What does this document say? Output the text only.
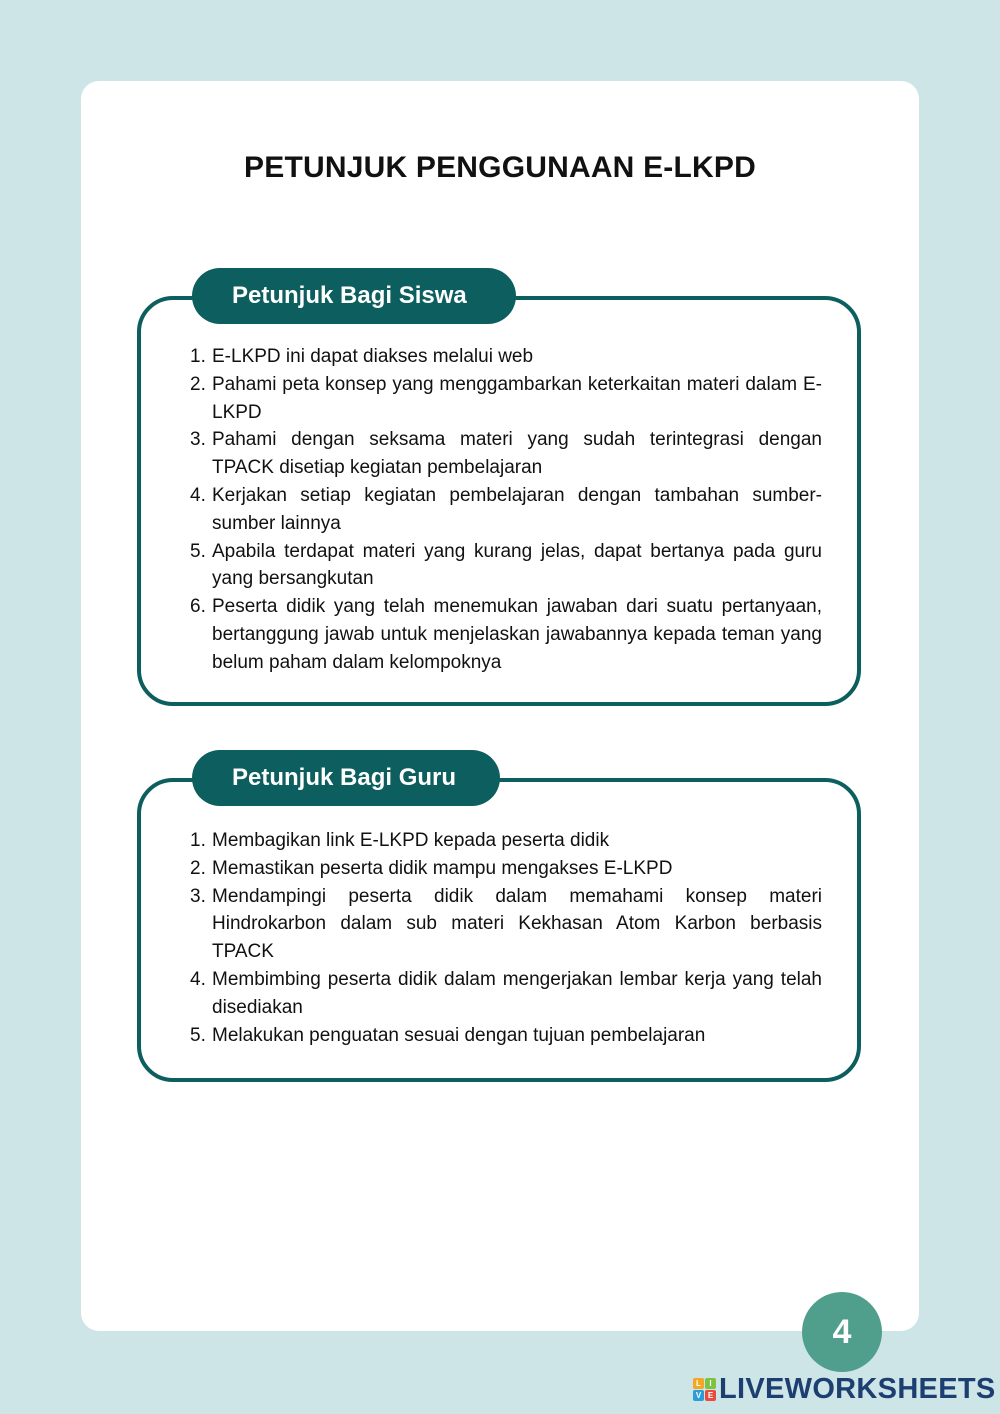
PETUNJUK PENGGUNAAN E-LKPD
Petunjuk Bagi Siswa
1. E-LKPD ini dapat diakses melalui web
2. Pahami peta konsep yang menggambarkan keterkaitan materi dalam E-LKPD
3. Pahami dengan seksama materi yang sudah terintegrasi dengan TPACK disetiap kegiatan pembelajaran
4. Kerjakan setiap kegiatan pembelajaran dengan tambahan sumber-sumber lainnya
5. Apabila terdapat materi yang kurang jelas, dapat bertanya pada guru yang bersangkutan
6. Peserta didik yang telah menemukan jawaban dari suatu pertanyaan, bertanggung jawab untuk menjelaskan jawabannya kepada teman yang belum paham dalam kelompoknya
Petunjuk Bagi Guru
1. Membagikan link E-LKPD kepada peserta didik
2. Memastikan peserta didik mampu mengakses E-LKPD
3. Mendampingi peserta didik dalam memahami konsep materi Hindrokarbon dalam sub materi Kekhasan Atom Karbon berbasis TPACK
4. Membimbing peserta didik dalam mengerjakan lembar kerja yang telah disediakan
5. Melakukan penguatan sesuai dengan tujuan pembelajaran
4
L	I
V E LIVEWORKSHEETS
